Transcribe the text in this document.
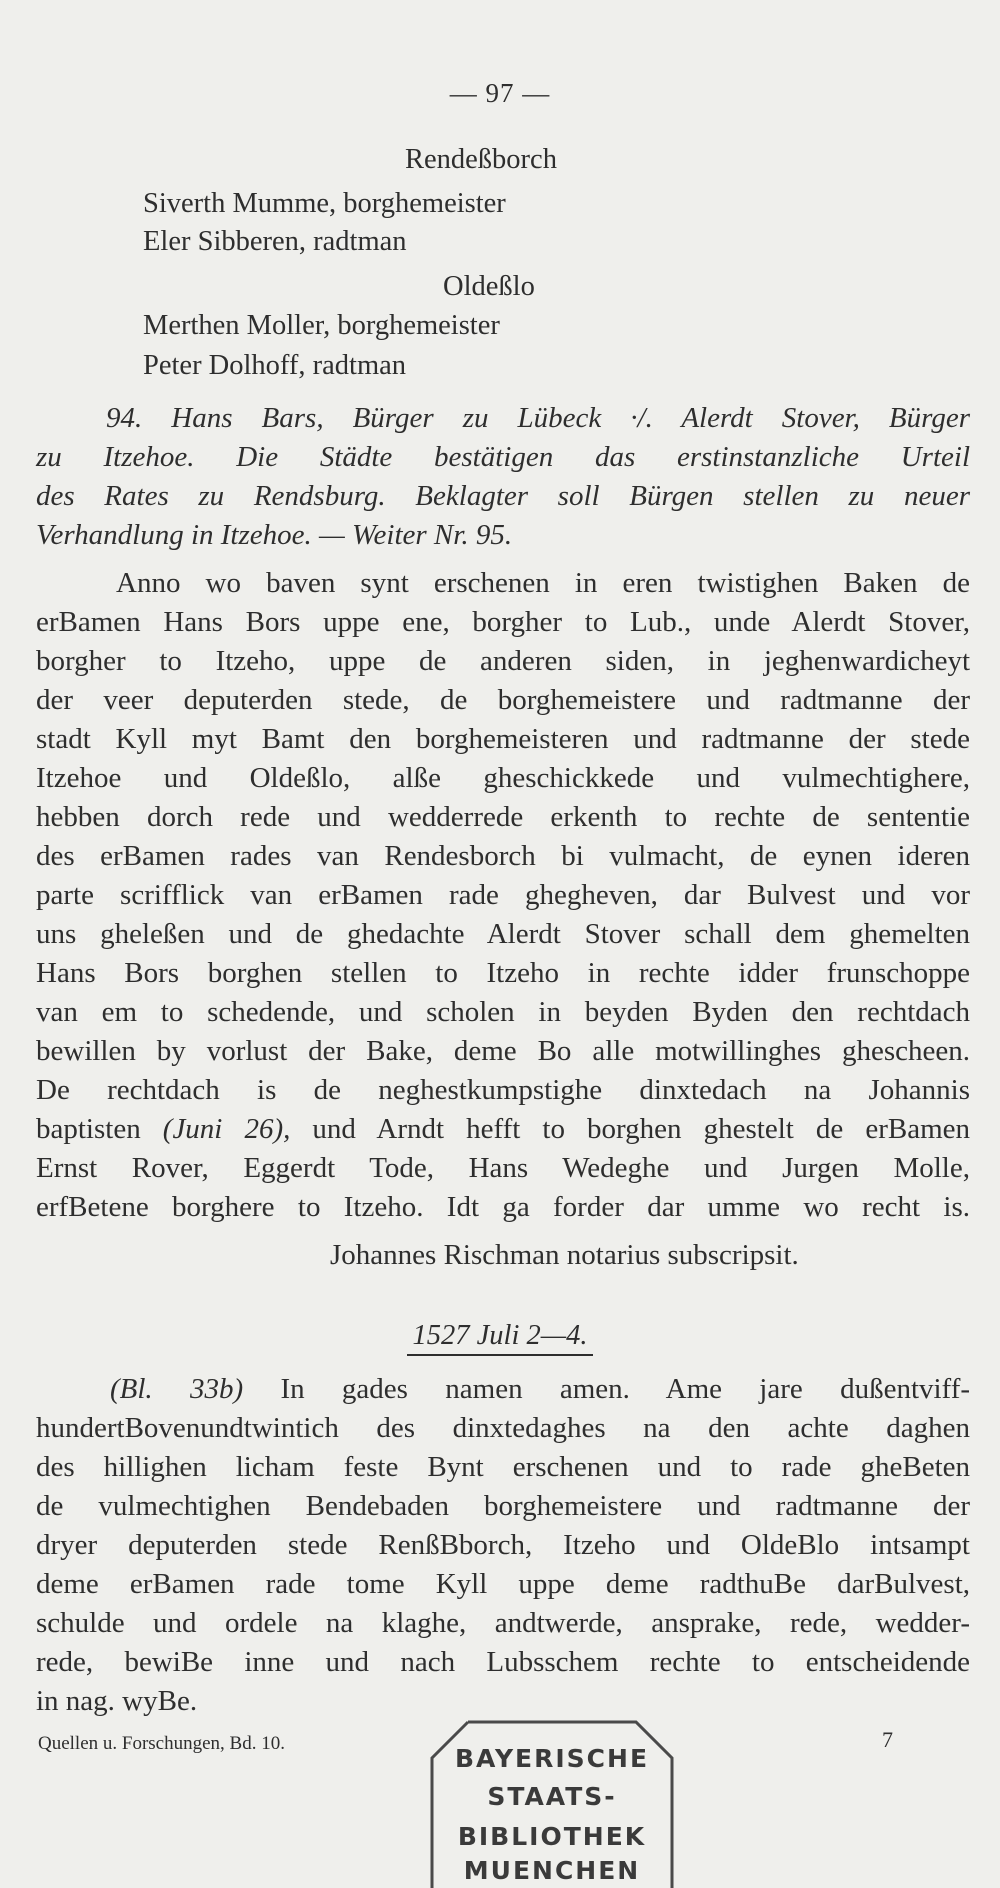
— 97 —
Rendeßborch
Siverth Mumme, borghemeister
Eler Sibberen, radtman
Oldeßlo
Merthen Moller, borghemeister
Peter Dolhoff, radtman
94. Hans Bars, Bürger zu Lübeck ·/. Alerdt Stover, Bürger
zu Itzehoe. Die Städte bestätigen das erstinstanzliche Urteil
des Rates zu Rendsburg. Beklagter soll Bürgen stellen zu neuer
Verhandlung in Itzehoe. — Weiter Nr. 95.
Anno wo baven synt erschenen in eren twistighen Baken de
erBamen Hans Bors uppe ene, borgher to Lub., unde Alerdt Stover,
borgher to Itzeho, uppe de anderen siden, in jeghenwardicheyt
der veer deputerden stede, de borghemeistere und radtmanne der
stadt Kyll myt Bamt den borghemeisteren und radtmanne der stede
Itzehoe und Oldeßlo, alße gheschickkede und vulmechtighere,
hebben dorch rede und wedderrede erkenth to rechte de sententie
des erBamen rades van Rendesborch bi vulmacht, de eynen ideren
parte scrifflick van erBamen rade ghegheven, dar Bulvest und vor
uns gheleßen und de ghedachte Alerdt Stover schall dem ghemelten
Hans Bors borghen stellen to Itzeho in rechte idder frunschoppe
van em to schedende, und scholen in beyden Byden den rechtdach
bewillen by vorlust der Bake, deme Bo alle motwillinghes ghescheen.
De rechtdach is de neghestkumpstighe dinxtedach na Johannis
baptisten (Juni 26), und Arndt hefft to borghen ghestelt de erBamen
Ernst Rover, Eggerdt Tode, Hans Wedeghe und Jurgen Molle,
erfBetene borghere to Itzeho. Idt ga forder dar umme wo recht is.
Johannes Rischman notarius subscripsit.
1527 Juli 2—4.
(Bl. 33b) In gades namen amen. Ame jare dußentviff-
hundertBovenundtwintich des dinxtedaghes na den achte daghen
des hillighen licham feste Bynt erschenen und to rade gheBeten
de vulmechtighen Bendebaden borghemeistere und radtmanne der
dryer deputerden stede RenßBborch, Itzeho und OldeBlo intsampt
deme erBamen rade tome Kyll uppe deme radthuBe darBulvest,
schulde und ordele na klaghe, andtwerde, ansprake, rede, wedder-
rede, bewiBe inne und nach Lubsschem rechte to entscheidende
in nag. wyBe.
Quellen u. Forschungen, Bd. 10.	7
BAYERISCHE
STAATS-
BIBLIOTHEK
MUENCHEN
